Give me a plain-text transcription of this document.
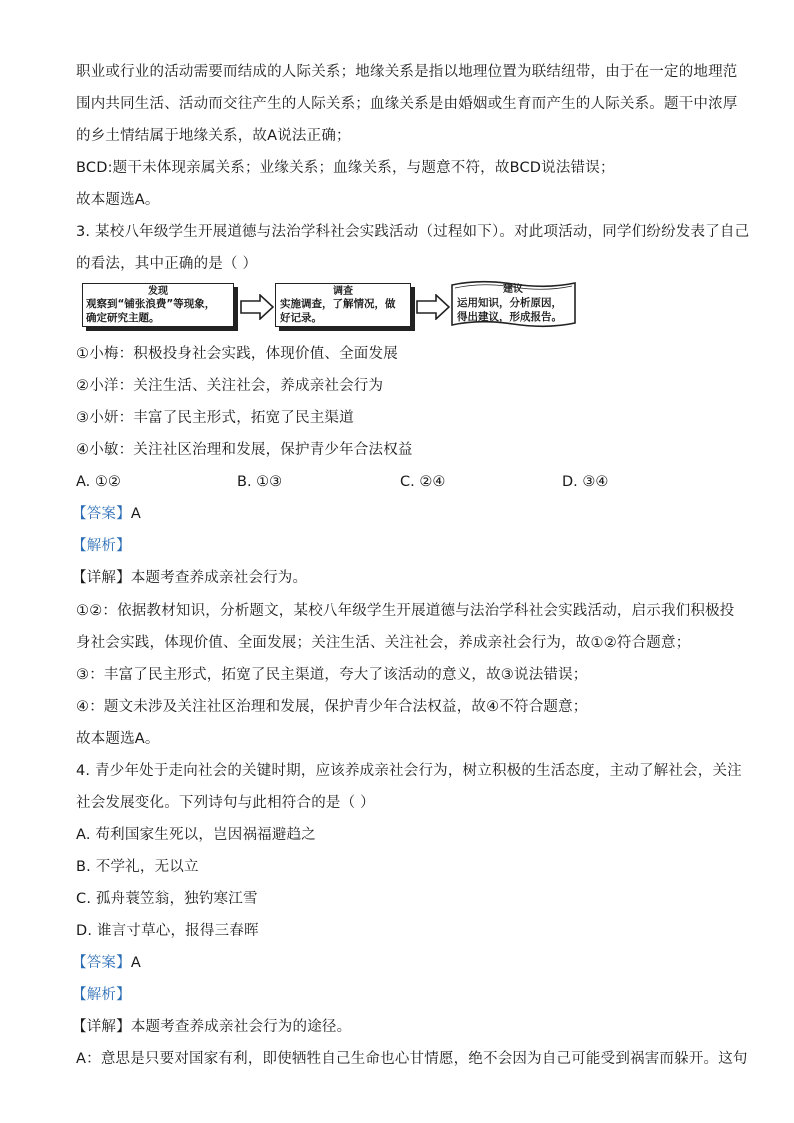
职业或行业的活动需要而结成的人际关系；地缘关系是指以地理位置为联结纽带，由于在一定的地理范
围内共同生活、活动而交往产生的人际关系；血缘关系是由婚姻或生育而产生的人际关系。题干中浓厚
的乡土情结属于地缘关系，故A说法正确；
BCD:题干未体现亲属关系；业缘关系；血缘关系，与题意不符，故BCD说法错误；
故本题选A。
3. 某校八年级学生开展道德与法治学科社会实践活动（过程如下）。对此项活动，同学们纷纷发表了自己
的看法，其中正确的是（ ）
发现
观察到“铺张浪费”等现象，
确定研究主题。
调查
实施调查，了解情况，做
好记录。
建议
运用知识，分析原因，
得出建议，形成报告。
①小梅：积极投身社会实践，体现价值、全面发展
②小洋：关注生活、关注社会，养成亲社会行为
③小妍：丰富了民主形式，拓宽了民主渠道
④小敏：关注社区治理和发展，保护青少年合法权益
A. ①②	B. ①③	C. ②④	D. ③④
【答案】A
【解析】
【详解】本题考查养成亲社会行为。
①②：依据教材知识，分析题文，某校八年级学生开展道德与法治学科社会实践活动，启示我们积极投
身社会实践，体现价值、全面发展；关注生活、关注社会，养成亲社会行为，故①②符合题意；
③：丰富了民主形式，拓宽了民主渠道，夸大了该活动的意义，故③说法错误；
④：题文未涉及关注社区治理和发展，保护青少年合法权益，故④不符合题意；
故本题选A。
4. 青少年处于走向社会的关键时期，应该养成亲社会行为，树立积极的生活态度，主动了解社会，关注
社会发展变化。下列诗句与此相符合的是（ ）
A. 苟利国家生死以，岂因祸福避趋之
B. 不学礼，无以立
C. 孤舟蓑笠翁，独钓寒江雪
D. 谁言寸草心，报得三春晖
【答案】A
【解析】
【详解】本题考查养成亲社会行为的途径。
A：意思是只要对国家有利，即使牺牲自己生命也心甘情愿，绝不会因为自己可能受到祸害而躲开。这句
